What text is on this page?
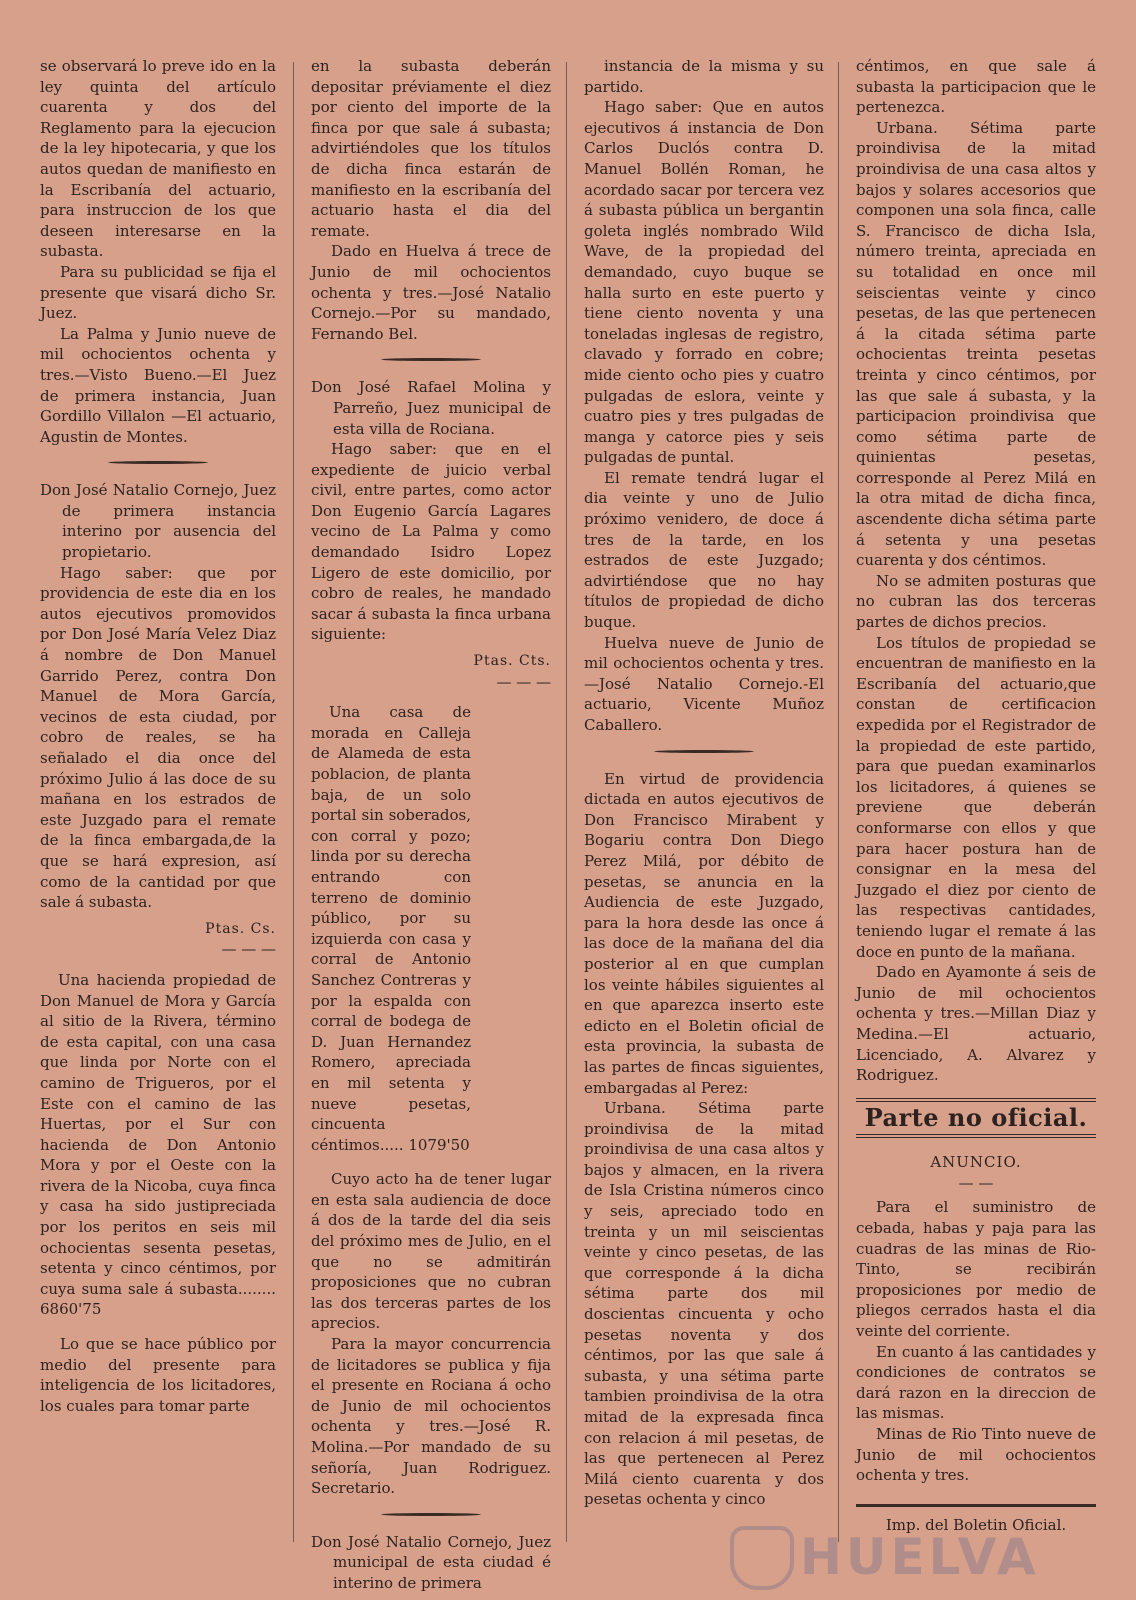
se observará lo preve ido en la ley quinta del artículo cuarenta y dos del Reglamento para la ejecucion de la ley hipotecaria, y que los autos quedan de manifiesto en la Escribanía del actuario, para instruccion de los que deseen interesarse en la subasta.

Para su publicidad se fija el presente que visará dicho Sr. Juez.

La Palma y Junio nueve de mil ochocientos ochenta y tres.—Visto Bueno.—El Juez de primera instancia, Juan Gordillo Villalon —El actuario, Agustin de Montes.

Don José Natalio Cornejo, Juez de primera instancia interino por ausencia del propietario.

Hago saber: que por providencia de este dia en los autos ejecutivos promovidos por Don José María Velez Diaz á nombre de Don Manuel Garrido Perez, contra Don Manuel de Mora García, vecinos de esta ciudad, por cobro de reales, se ha señalado el dia once del próximo Julio á las doce de su mañana en los estrados de este Juzgado para el remate de la finca embargada,de la que se hará expresion, así como de la cantidad por que sale á subasta.

Ptas. Cs.
— — —

Una hacienda propiedad de Don Manuel de Mora y García al sitio de la Rivera, término de esta capital, con una casa que linda por Norte con el camino de Trigueros, por el Este con el camino de las Huertas, por el Sur con hacienda de Don Antonio Mora y por el Oeste con la rivera de la Nicoba, cuya finca y casa ha sido justipreciada por los peritos en seis mil ochocientas sesenta pesetas, setenta y cinco céntimos, por cuya suma sale á subasta........ 6860'75

Lo que se hace público por medio del presente para inteligencia de los licitadores, los cuales para tomar parte

en la subasta deberán depositar préviamente el diez por ciento del importe de la finca por que sale á subasta; advirtiéndoles que los títulos de dicha finca estarán de manifiesto en la escribanía del actuario hasta el dia del remate.

Dado en Huelva á trece de Junio de mil ochocientos ochenta y tres.—José Natalio Cornejo.—Por su mandado, Fernando Bel.

Don José Rafael Molina y Parreño, Juez municipal de esta villa de Rociana.

Hago saber: que en el expediente de juicio verbal civil, entre partes, como actor Don Eugenio García Lagares vecino de La Palma y como demandado Isidro Lopez Ligero de este domicilio, por cobro de reales, he mandado sacar á subasta la finca urbana siguiente:

Ptas. Cts.
— — —

Una casa de morada en Calleja de Alameda de esta poblacion, de planta baja, de un solo portal sin soberados, con corral y pozo; linda por su derecha entrando con terreno de dominio público, por su izquierda con casa y corral de Antonio Sanchez Contreras y por la espalda con corral de bodega de D. Juan Hernandez Romero, apreciada en mil setenta y nueve pesetas, cincuenta céntimos..... 1079'50

Cuyo acto ha de tener lugar en esta sala audiencia de doce á dos de la tarde del dia seis del próximo mes de Julio, en el que no se admitirán proposiciones que no cubran las dos terceras partes de los aprecios.

Para la mayor concurrencia de licitadores se publica y fija el presente en Rociana á ocho de Junio de mil ochocientos ochenta y tres.—José R. Molina.—Por mandado de su señoría, Juan Rodriguez. Secretario.

Don José Natalio Cornejo, Juez municipal de esta ciudad é interino de primera

instancia de la misma y su partido.

Hago saber: Que en autos ejecutivos á instancia de Don Carlos Duclós contra D. Manuel Bollén Roman, he acordado sacar por tercera vez á subasta pública un bergantin goleta inglés nombrado Wild Wave, de la propiedad del demandado, cuyo buque se halla surto en este puerto y tiene ciento noventa y una toneladas inglesas de registro, clavado y forrado en cobre; mide ciento ocho pies y cuatro pulgadas de eslora, veinte y cuatro pies y tres pulgadas de manga y catorce pies y seis pulgadas de puntal.

El remate tendrá lugar el dia veinte y uno de Julio próximo venidero, de doce á tres de la tarde, en los estrados de este Juzgado; advirtiéndose que no hay títulos de propiedad de dicho buque.

Huelva nueve de Junio de mil ochocientos ochenta y tres.—José Natalio Cornejo.-El actuario, Vicente Muñoz Caballero.

En virtud de providencia dictada en autos ejecutivos de Don Francisco Mirabent y Bogariu contra Don Diego Perez Milá, por débito de pesetas, se anuncia en la Audiencia de este Juzgado, para la hora desde las once á las doce de la mañana del dia posterior al en que cumplan los veinte hábiles siguientes al en que aparezca inserto este edicto en el Boletin oficial de esta provincia, la subasta de las partes de fincas siguientes, embargadas al Perez:

Urbana. Sétima parte proindivisa de la mitad proindivisa de una casa altos y bajos y almacen, en la rivera de Isla Cristina números cinco y seis, apreciado todo en treinta y un mil seiscientas veinte y cinco pesetas, de las que corresponde á la dicha sétima parte dos mil doscientas cincuenta y ocho pesetas noventa y dos céntimos, por las que sale á subasta, y una sétima parte tambien proindivisa de la otra mitad de la expresada finca con relacion á mil pesetas, de las que pertenecen al Perez Milá ciento cuarenta y dos pesetas ochenta y cinco

céntimos, en que sale á subasta la participacion que le pertenezca.

Urbana. Sétima parte proindivisa de la mitad proindivisa de una casa altos y bajos y solares accesorios que componen una sola finca, calle S. Francisco de dicha Isla, número treinta, apreciada en su totalidad en once mil seiscientas veinte y cinco pesetas, de las que pertenecen á la citada sétima parte ochocientas treinta pesetas treinta y cinco céntimos, por las que sale á subasta, y la participacion proindivisa que como sétima parte de quinientas pesetas, corresponde al Perez Milá en la otra mitad de dicha finca, ascendente dicha sétima parte á setenta y una pesetas cuarenta y dos céntimos.

No se admiten posturas que no cubran las dos terceras partes de dichos precios.

Los títulos de propiedad se encuentran de manifiesto en la Escribanía del actuario,que constan de certificacion expedida por el Registrador de la propiedad de este partido, para que puedan examinarlos los licitadores, á quienes se previene que deberán conformarse con ellos y que para hacer postura han de consignar en la mesa del Juzgado el diez por ciento de las respectivas cantidades, teniendo lugar el remate á las doce en punto de la mañana.

Dado en Ayamonte á seis de Junio de mil ochocientos ochenta y tres.—Millan Diaz y Medina.—El actuario, Licenciado, A. Alvarez y Rodriguez.

Parte no oficial.
ANUNCIO.
— —

Para el suministro de cebada, habas y paja para las cuadras de las minas de Rio-Tinto, se recibirán proposiciones por medio de pliegos cerrados hasta el dia veinte del corriente.

En cuanto á las cantidades y condiciones de contratos se dará razon en la direccion de las mismas.

Minas de Rio Tinto nueve de Junio de mil ochocientos ochenta y tres.

Imp. del Boletin Oficial.
HUELVA
